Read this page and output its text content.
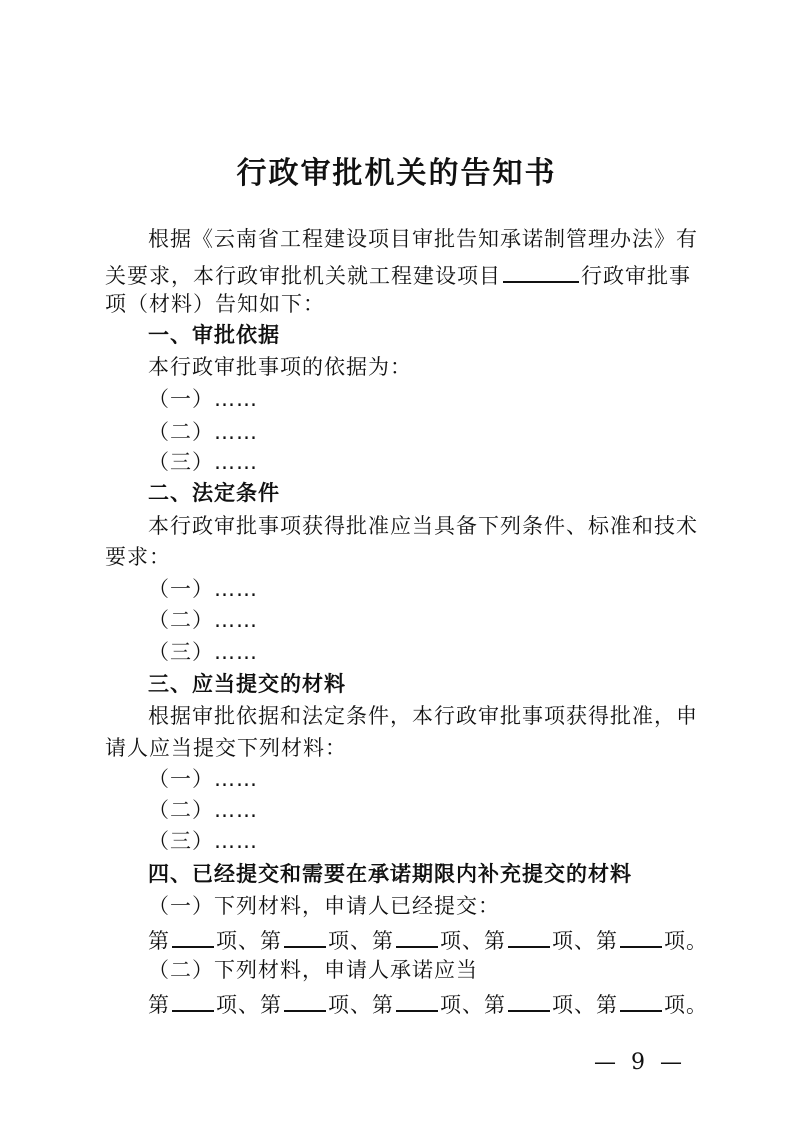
行政审批机关的告知书
根据《云南省工程建设项目审批告知承诺制管理办法》有
关要求，本行政审批机关就工程建设项目	行政审批事
项（材料）告知如下：
一、审批依据
本行政审批事项的依据为：
（一）……
（二）……
（三）……
二、法定条件
本行政审批事项获得批准应当具备下列条件、标准和技术
要求：
（一）……
（二）……
（三）……
三、应当提交的材料
根据审批依据和法定条件，本行政审批事项获得批准，申
请人应当提交下列材料：
（一）……
（二）……
（三）……
四、已经提交和需要在承诺期限内补充提交的材料
（一）下列材料，申请人已经提交：
第 项、第 项、第 项、第 项、第 项。
（二）下列材料，申请人承诺应当
第 项、第 项、第 项、第 项、第 项。
— 9 —
